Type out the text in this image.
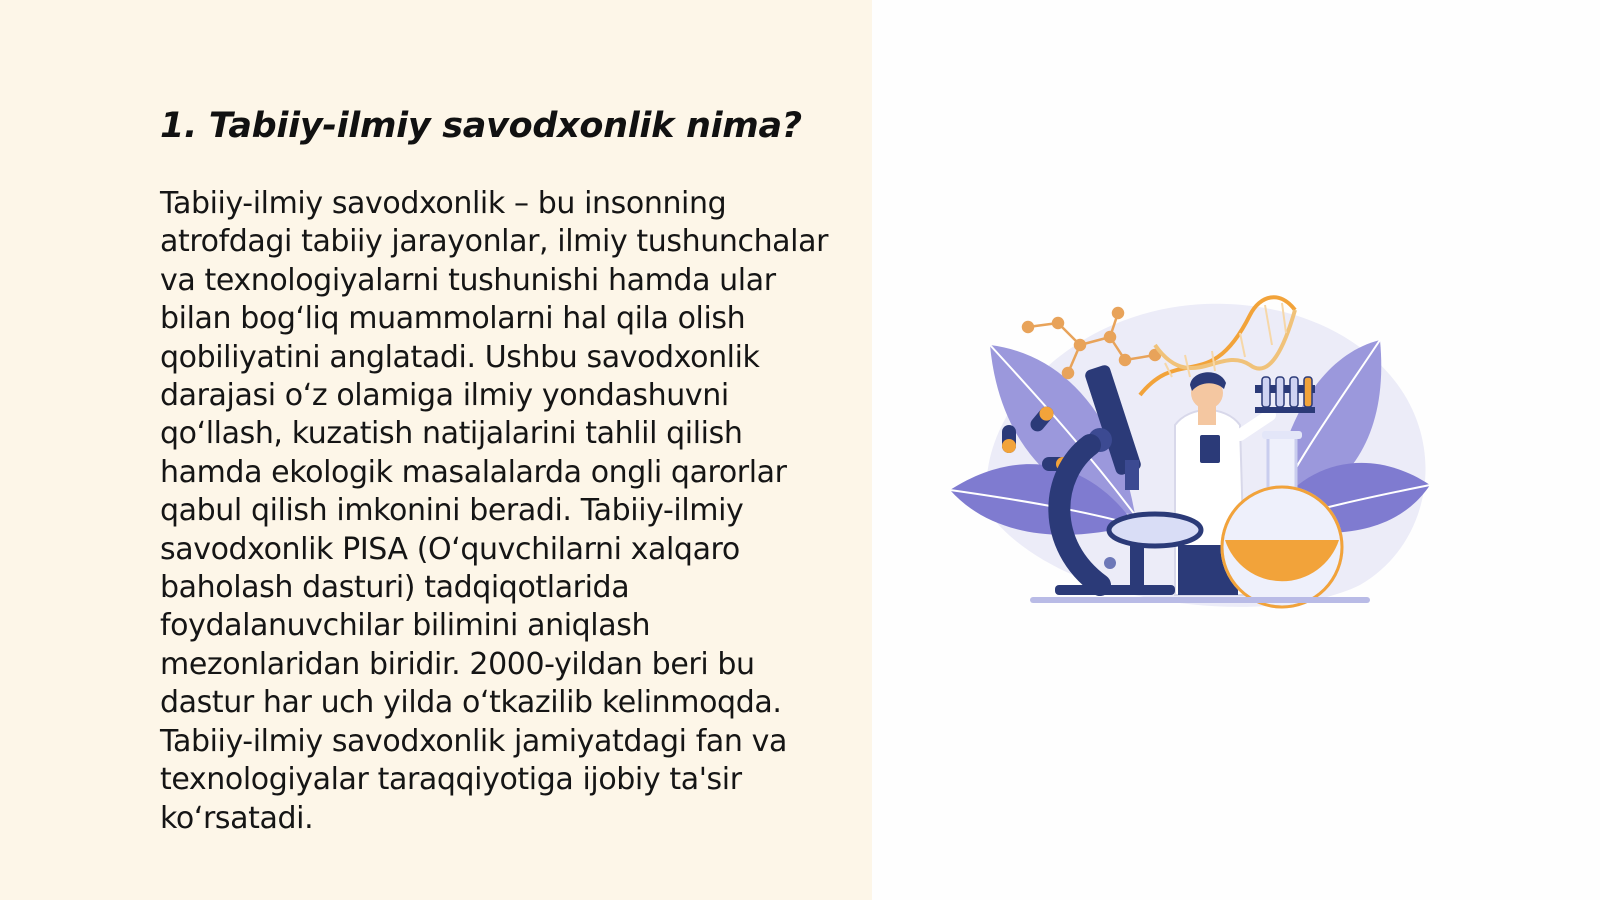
1. Tabiiy-ilmiy savodxonlik nima?

Tabiiy-ilmiy savodxonlik – bu insonning atrofdagi tabiiy jarayonlar, ilmiy tushunchalar va texnologiyalarni tushunishi hamda ular bilan bog‘liq muammolarni hal qila olish qobiliyatini anglatadi. Ushbu savodxonlik darajasi o‘z olamiga ilmiy yondashuvni qo‘llash, kuzatish natijalarini tahlil qilish hamda ekologik masalalarda ongli qarorlar qabul qilish imkonini beradi. Tabiiy-ilmiy savodxonlik PISA (O‘quvchilarni xalqaro baholash dasturi) tadqiqotlarida foydalanuvchilar bilimini aniqlash mezonlaridan biridir. 2000-yildan beri bu dastur har uch yilda o‘tkazilib kelinmoqda. Tabiiy-ilmiy savodxonlik jamiyatdagi fan va texnologiyalar taraqqiyotiga ijobiy ta'sir ko‘rsatadi.
